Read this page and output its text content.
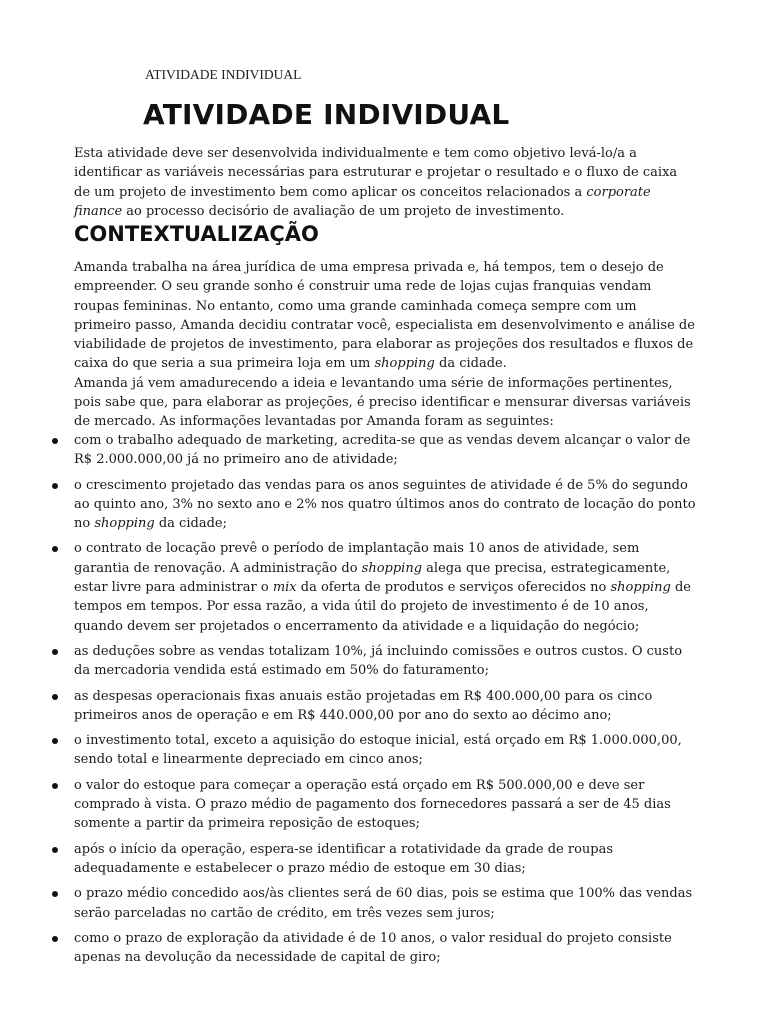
ATIVIDADE INDIVIDUAL
ATIVIDADE INDIVIDUAL

Esta atividade deve ser desenvolvida individualmente e tem como objetivo levá-lo/a a identificar as variáveis necessárias para estruturar e projetar o resultado e o fluxo de caixa de um projeto de investimento bem como aplicar os conceitos relacionados a corporate finance ao processo decisório de avaliação de um projeto de investimento.

CONTEXTUALIZAÇÃO

Amanda trabalha na área jurídica de uma empresa privada e, há tempos, tem o desejo de empreender. O seu grande sonho é construir uma rede de lojas cujas franquias vendam roupas femininas. No entanto, como uma grande caminhada começa sempre com um primeiro passo, Amanda decidiu contratar você, especialista em desenvolvimento e análise de viabilidade de projetos de investimento, para elaborar as projeções dos resultados e fluxos de caixa do que seria a sua primeira loja em um shopping da cidade.

Amanda já vem amadurecendo a ideia e levantando uma série de informações pertinentes, pois sabe que, para elaborar as projeções, é preciso identificar e mensurar diversas variáveis de mercado. As informações levantadas por Amanda foram as seguintes:

com o trabalho adequado de marketing, acredita-se que as vendas devem alcançar o valor de R$ 2.000.000,00 já no primeiro ano de atividade;
o crescimento projetado das vendas para os anos seguintes de atividade é de 5% do segundo ao quinto ano, 3% no sexto ano e 2% nos quatro últimos anos do contrato de locação do ponto no shopping da cidade;
o contrato de locação prevê o período de implantação mais 10 anos de atividade, sem garantia de renovação. A administração do shopping alega que precisa, estrategicamente, estar livre para administrar o mix da oferta de produtos e serviços oferecidos no shopping de tempos em tempos. Por essa razão, a vida útil do projeto de investimento é de 10 anos, quando devem ser projetados o encerramento da atividade e a liquidação do negócio;
as deduções sobre as vendas totalizam 10%, já incluindo comissões e outros custos. O custo da mercadoria vendida está estimado em 50% do faturamento;
as despesas operacionais fixas anuais estão projetadas em R$ 400.000,00 para os cinco primeiros anos de operação e em R$ 440.000,00 por ano do sexto ao décimo ano;
o investimento total, exceto a aquisição do estoque inicial, está orçado em R$ 1.000.000,00, sendo total e linearmente depreciado em cinco anos;
o valor do estoque para começar a operação está orçado em R$ 500.000,00 e deve ser comprado à vista. O prazo médio de pagamento dos fornecedores passará a ser de 45 dias somente a partir da primeira reposição de estoques;
após o início da operação, espera-se identificar a rotatividade da grade de roupas adequadamente e estabelecer o prazo médio de estoque em 30 dias;
o prazo médio concedido aos/às clientes será de 60 dias, pois se estima que 100% das vendas serão parceladas no cartão de crédito, em três vezes sem juros;
como o prazo de exploração da atividade é de 10 anos, o valor residual do projeto consiste apenas na devolução da necessidade de capital de giro;
